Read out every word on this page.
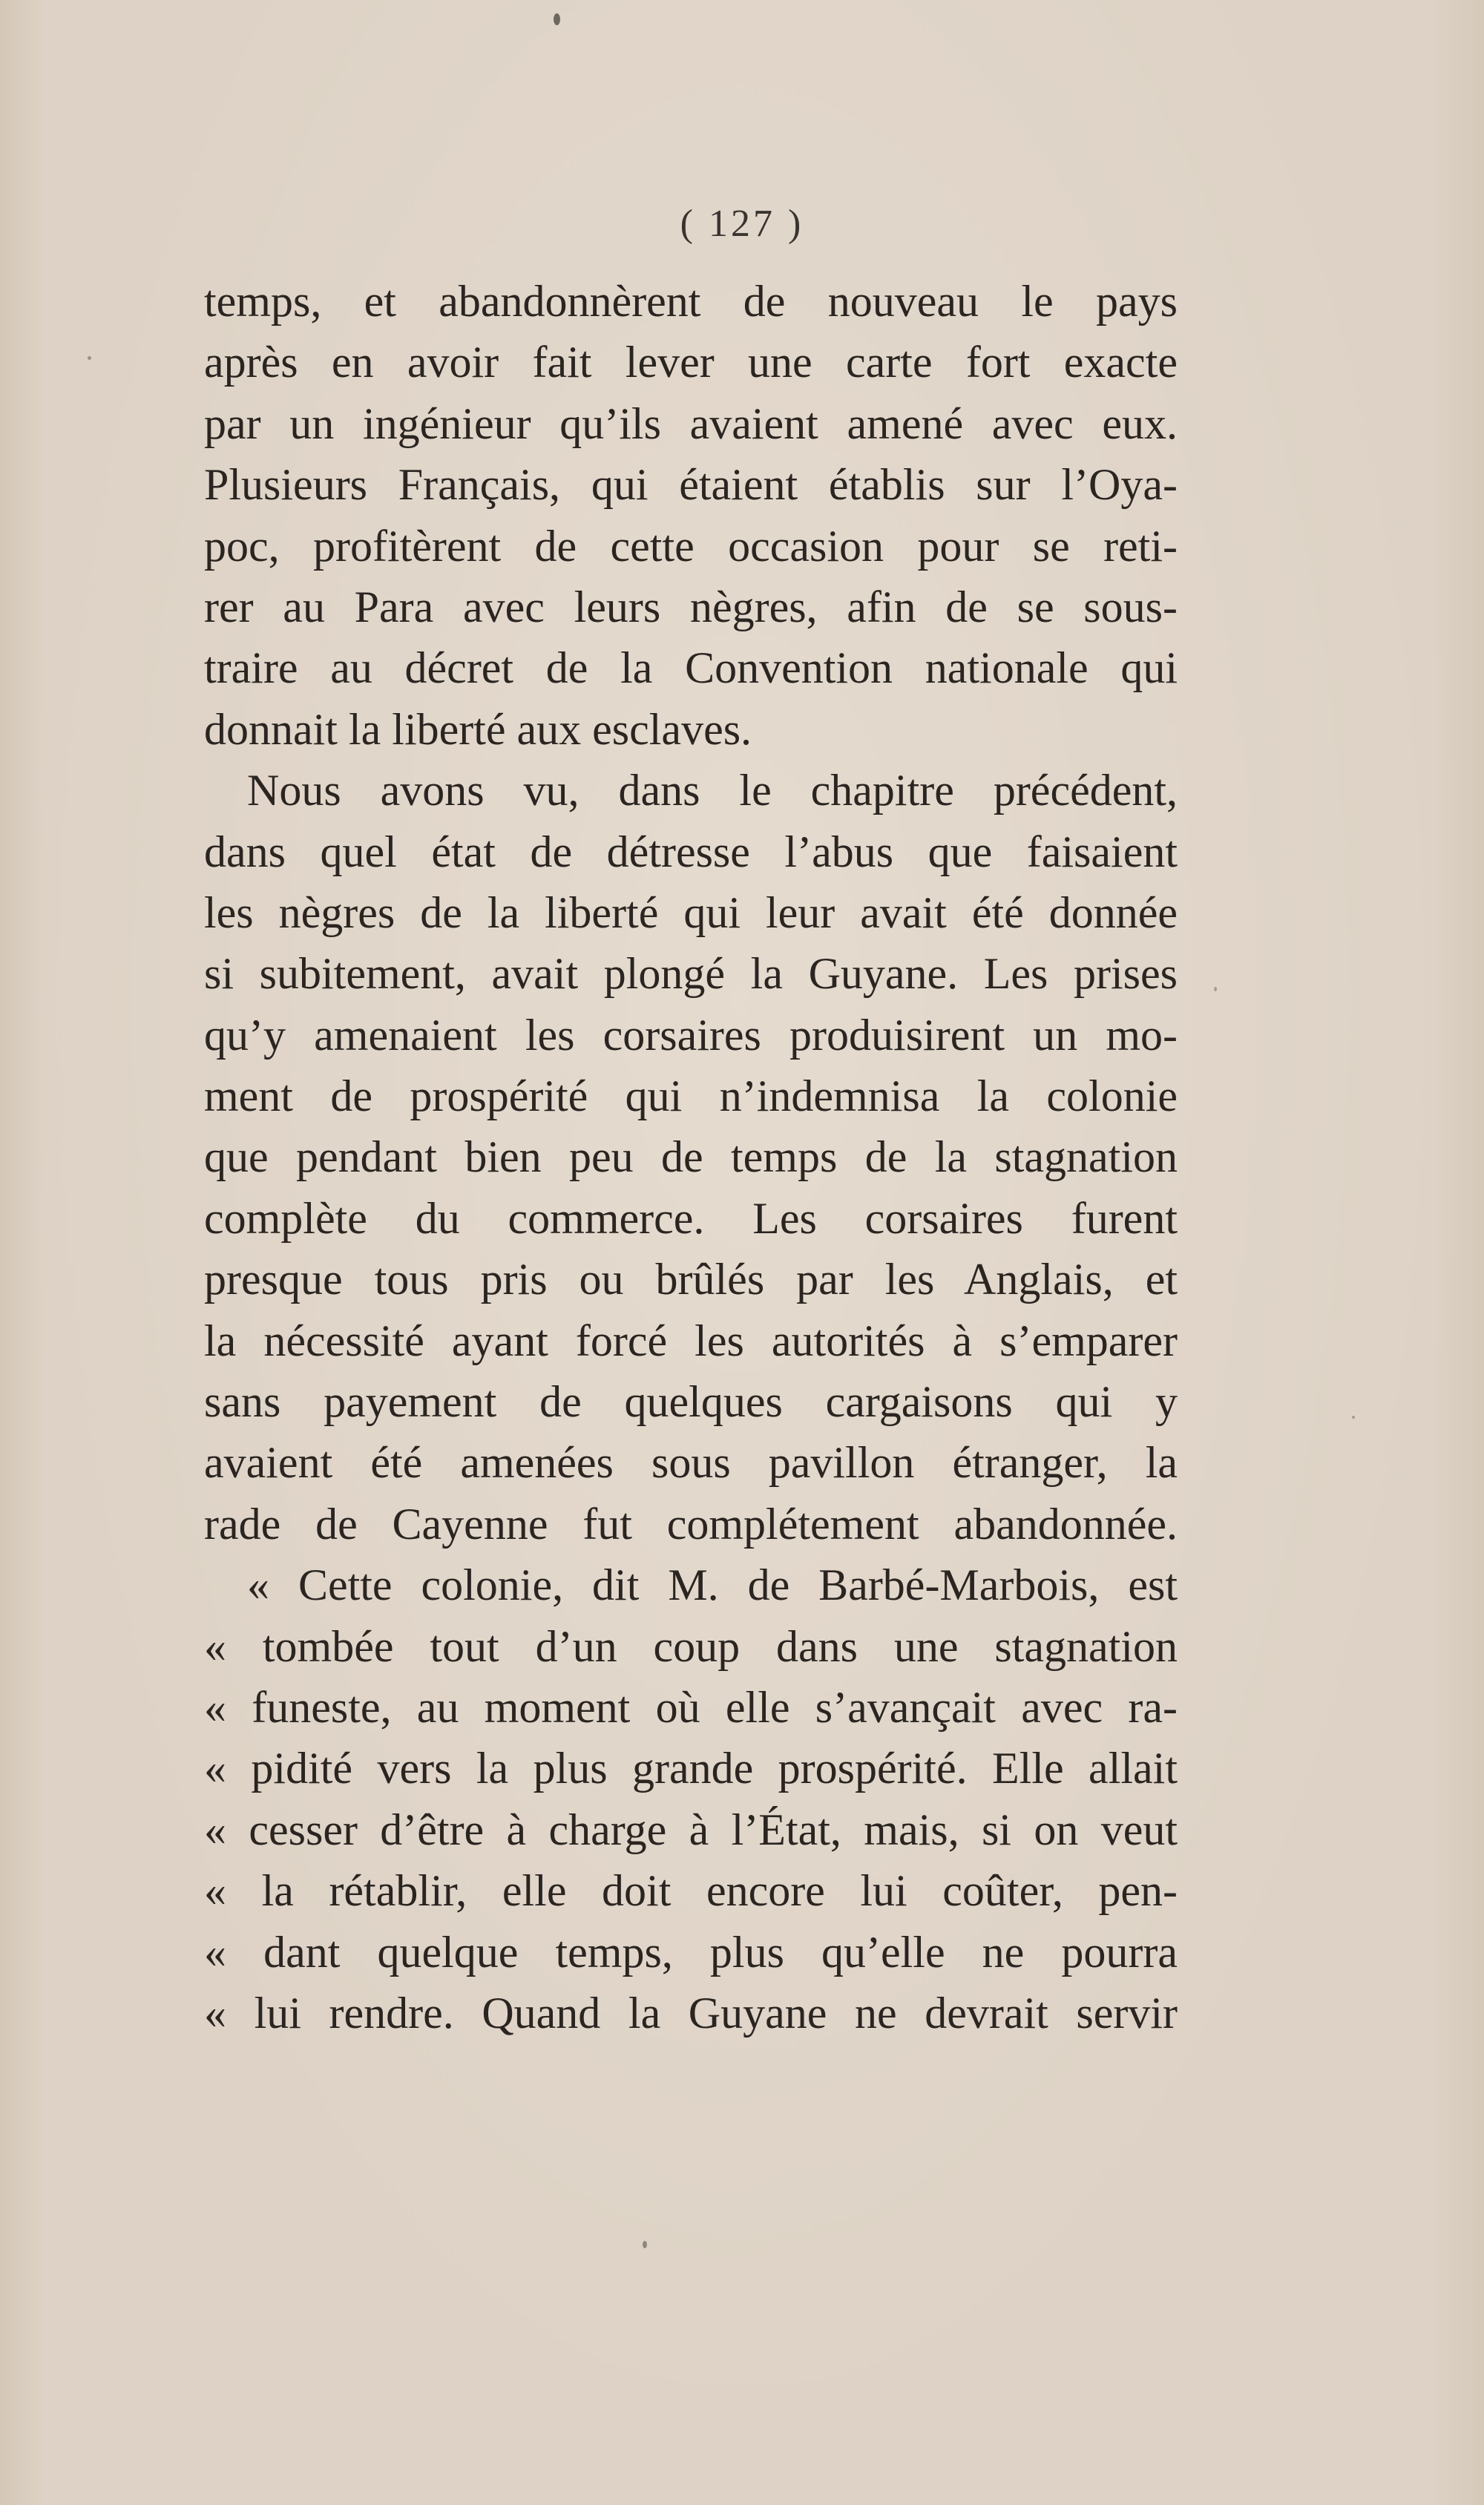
( 127 )
temps, et abandonnèrent de nouveau le pays
après en avoir fait lever une carte fort exacte
par un ingénieur qu’ils avaient amené avec eux.
Plusieurs Français, qui étaient établis sur l’Oya-
poc, profitèrent de cette occasion pour se reti-
rer au Para avec leurs nègres, afin de se sous-
traire au décret de la Convention nationale qui
donnait la liberté aux esclaves.
Nous avons vu, dans le chapitre précédent,
dans quel état de détresse l’abus que faisaient
les nègres de la liberté qui leur avait été donnée
si subitement, avait plongé la Guyane. Les prises
qu’y amenaient les corsaires produisirent un mo-
ment de prospérité qui n’indemnisa la colonie
que pendant bien peu de temps de la stagnation
complète du commerce. Les corsaires furent
presque tous pris ou brûlés par les Anglais, et
la nécessité ayant forcé les autorités à s’emparer
sans payement de quelques cargaisons qui y
avaient été amenées sous pavillon étranger, la
rade de Cayenne fut complétement abandonnée.
« Cette colonie, dit M. de Barbé-Marbois, est
« tombée tout d’un coup dans une stagnation
« funeste, au moment où elle s’avançait avec ra-
« pidité vers la plus grande prospérité. Elle allait
« cesser d’être à charge à l’État, mais, si on veut
« la rétablir, elle doit encore lui coûter, pen-
« dant quelque temps, plus qu’elle ne pourra
« lui rendre. Quand la Guyane ne devrait servir
